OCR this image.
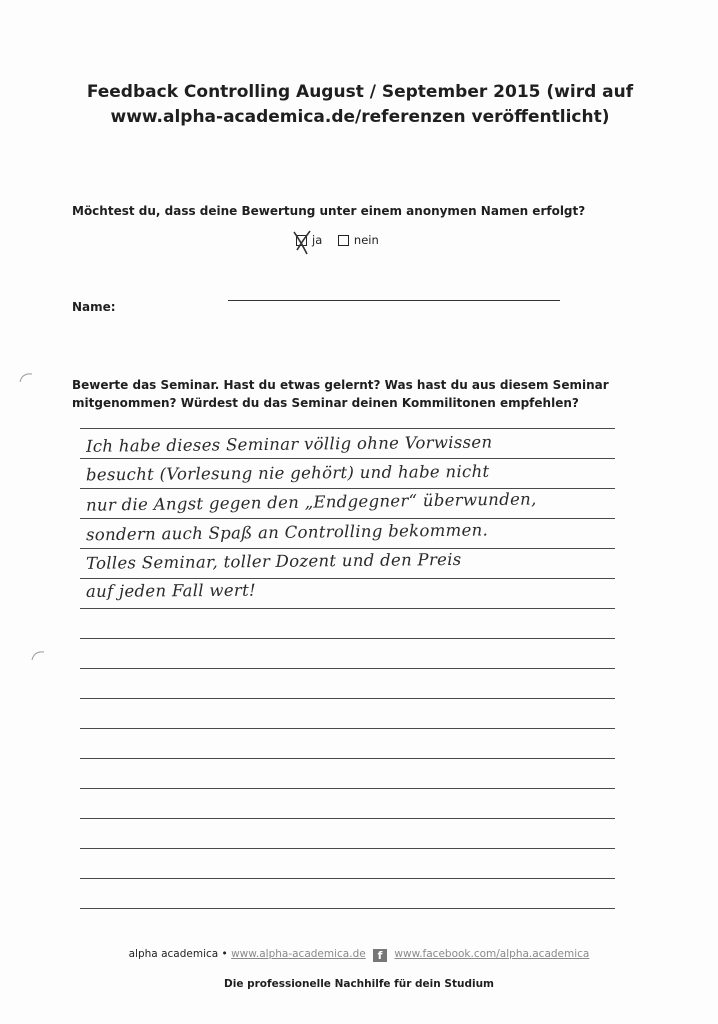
Feedback Controlling August / September 2015 (wird auf
www.alpha-academica.de/referenzen veröffentlicht)
Möchtest du, dass deine Bewertung unter einem anonymen Namen erfolgt?
ja
	nein
Name:
Bewerte das Seminar. Hast du etwas gelernt? Was hast du aus diesem Seminar
mitgenommen? Würdest du das Seminar deinen Kommilitonen empfehlen?
Ich habe dieses Seminar völlig ohne Vorwissen
besucht (Vorlesung nie gehört) und habe nicht
nur die Angst gegen den „Endgegner“ überwunden,
sondern auch Spaß an Controlling bekommen.
Tolles Seminar, toller Dozent und den Preis
auf jeden Fall wert!
alpha academica • www.alpha-academica.de f www.facebook.com/alpha.academica
Die professionelle Nachhilfe für dein Studium
